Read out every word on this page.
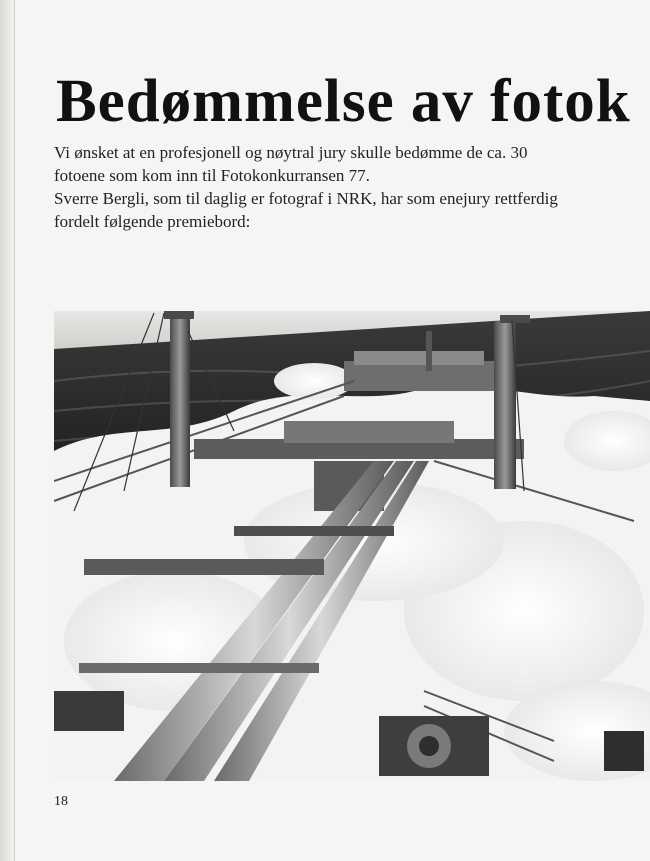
Bedømmelse av fotok
Vi ønsket at en profesjonell og nøytral jury skulle bedømme de ca. 30
fotoene som kom inn til Fotokonkurransen 77.
Sverre Bergli, som til daglig er fotograf i NRK, har som enejury rettferdig
fordelt følgende premiebord:
18
